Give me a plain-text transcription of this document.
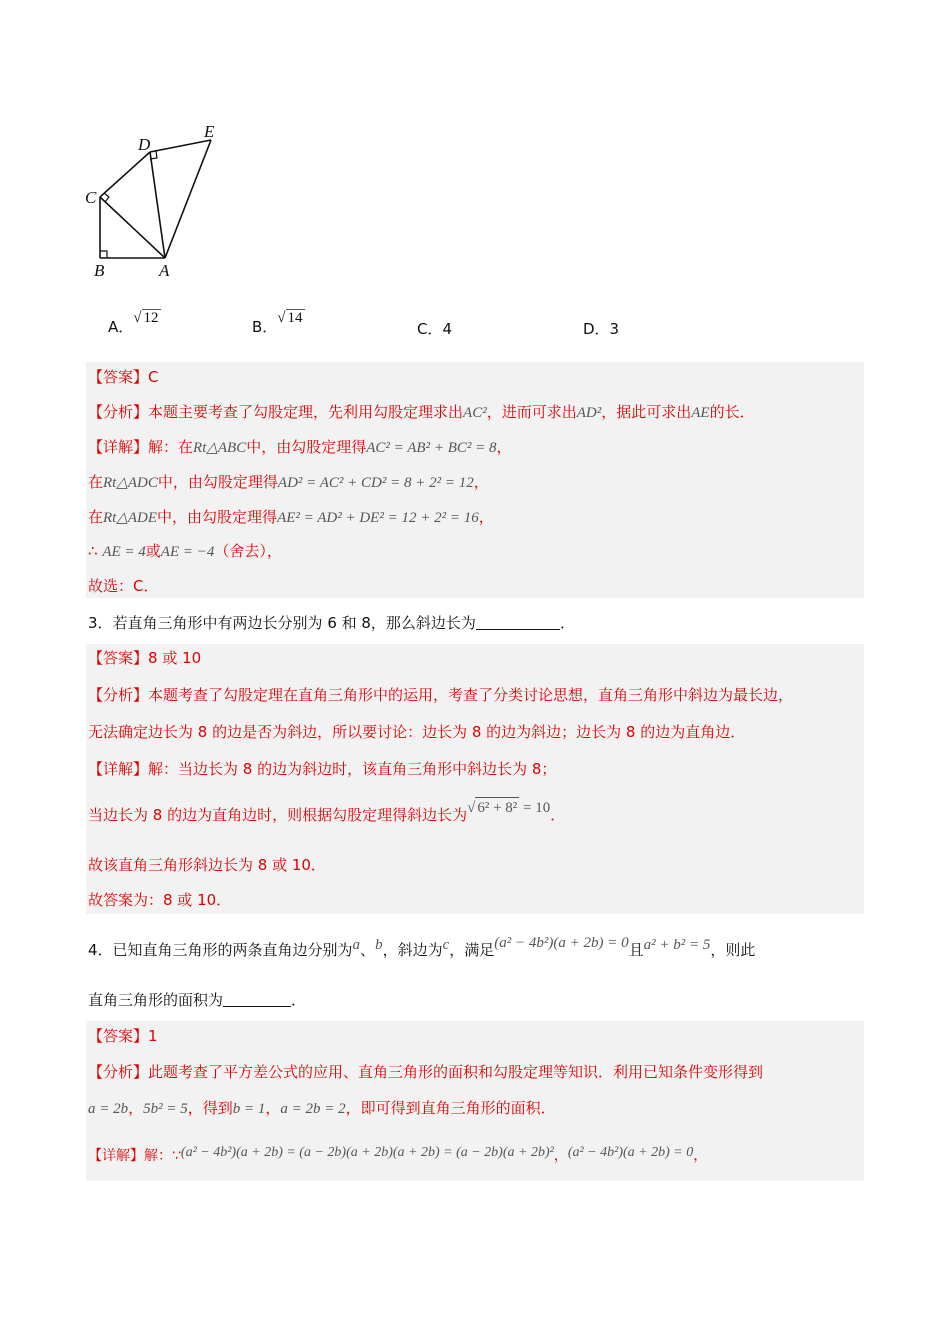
D
E
C
B	A
A．√ 12	B．√ 14
C．4	D．3
【答案】C
【分析】本题主要考查了勾股定理，先利用勾股定理求出AC²，进而可求出AD²，据此可求出AE的长．
【详解】解：在Rt△ABC中，由勾股定理得AC² = AB² + BC² = 8，
在Rt△ADC中，由勾股定理得AD² = AC² + CD² = 8 + 2² = 12，
在Rt△ADE中，由勾股定理得AE² = AD² + DE² = 12 + 2² = 16，
∴ AE = 4或AE = −4（舍去），
故选：C．
3．若直角三角形中有两边长分别为 6 和 8，那么斜边长为	．
【答案】8 或 10
【分析】本题考查了勾股定理在直角三角形中的运用，考查了分类讨论思想，直角三角形中斜边为最长边，
无法确定边长为 8 的边是否为斜边，所以要讨论：边长为 8 的边为斜边；边长为 8 的边为直角边．
【详解】解：当边长为 8 的边为斜边时，该直角三角形中斜边长为 8；
当边长为 8 的边为直角边时，则根据勾股定理得斜边长为√ 6² + 8² = 10．
故该直角三角形斜边长为 8 或 10．
故答案为：8 或 10．
4．已知直角三角形的两条直角边分别为a、b，斜边为c，满足(a² − 4b²)(a + 2b) = 0且a² + b² = 5，则此
直角三角形的面积为	．
【答案】1
【分析】此题考查了平方差公式的应用、直角三角形的面积和勾股定理等知识．利用已知条件变形得到
a = 2b，5b² = 5，得到b = 1，a = 2b = 2，即可得到直角三角形的面积．
【详解】解：∵(a² − 4b²)(a + 2b) = (a − 2b)(a + 2b)(a + 2b) = (a − 2b)(a + 2b)²，(a² − 4b²)(a + 2b) = 0，
